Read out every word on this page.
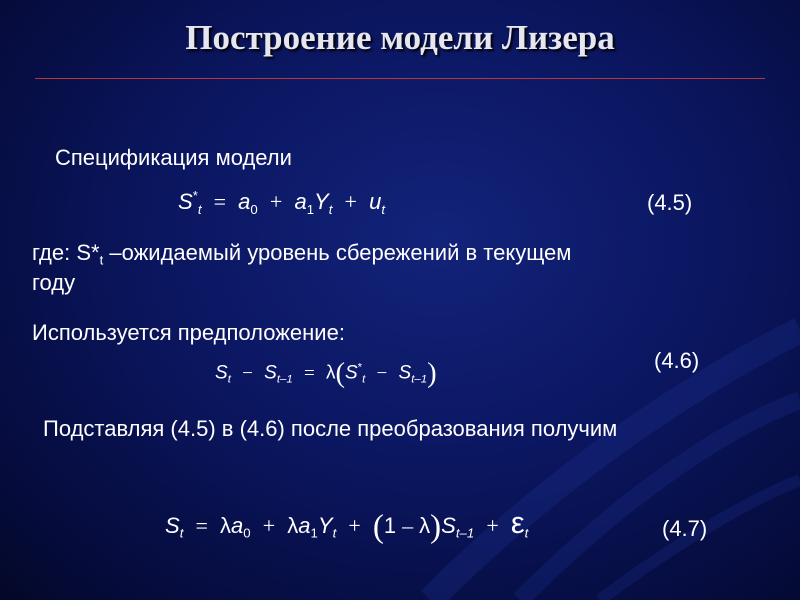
Построение модели Лизера
Спецификация модели
$S^*_t = a_0 + a_1Y_t + u_t$	(4.5)
где: $S*_t$ –ожидаемый уровень сбережений в текущем
году
Используется предположение:
$S_t - S_{t-1} = \lambda(S^*_t - S_{t-1})$	(4.6)
Подставляя (4.5) в (4.6) после преобразования получим
$S_t = \lambda a_0 + \lambda a_1Y_t + (1 - \lambda)S_{t-1} + \varepsilon_t$	(4.7)
